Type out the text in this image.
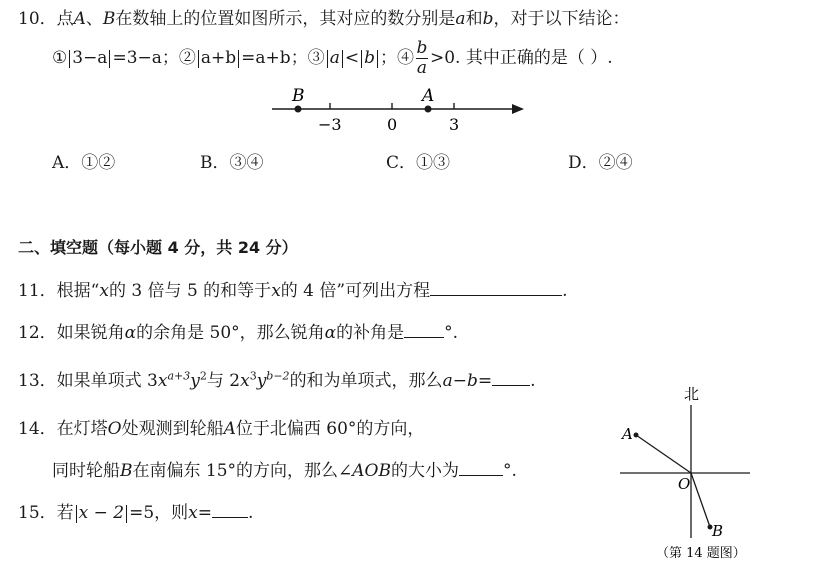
10．点A、B在数轴上的位置如图所示，其对应的数分别是a和b，对于以下结论：
① 3−a =3−a；② a+b =a+b；③ a < b ；④ $\frac{b}{a} >0$. 其中正确的是（ ）.
B	A
−3	0	3
A．①②	B．③④	C．①③	D．②④
二、填空题（每小题 4 分，共 24 分）
11．根据“x的 3 倍与 5 的和等于x的 4 倍”可列出方程	.
12．如果锐角α的余角是 50°，那么锐角α的补角是 °.
13．如果单项式 $3x^{a+3}y^2$与 $2x^3y^{b-2}$的和为单项式，那么a−b= .
14．在灯塔O处观测到轮船A位于北偏西 60°的方向，
同时轮船B在南偏东 15°的方向，那么∠AOB的大小为	°.
15．若 x − 2 =5，则x= .
北
A
O
B
（第 14 题图）
